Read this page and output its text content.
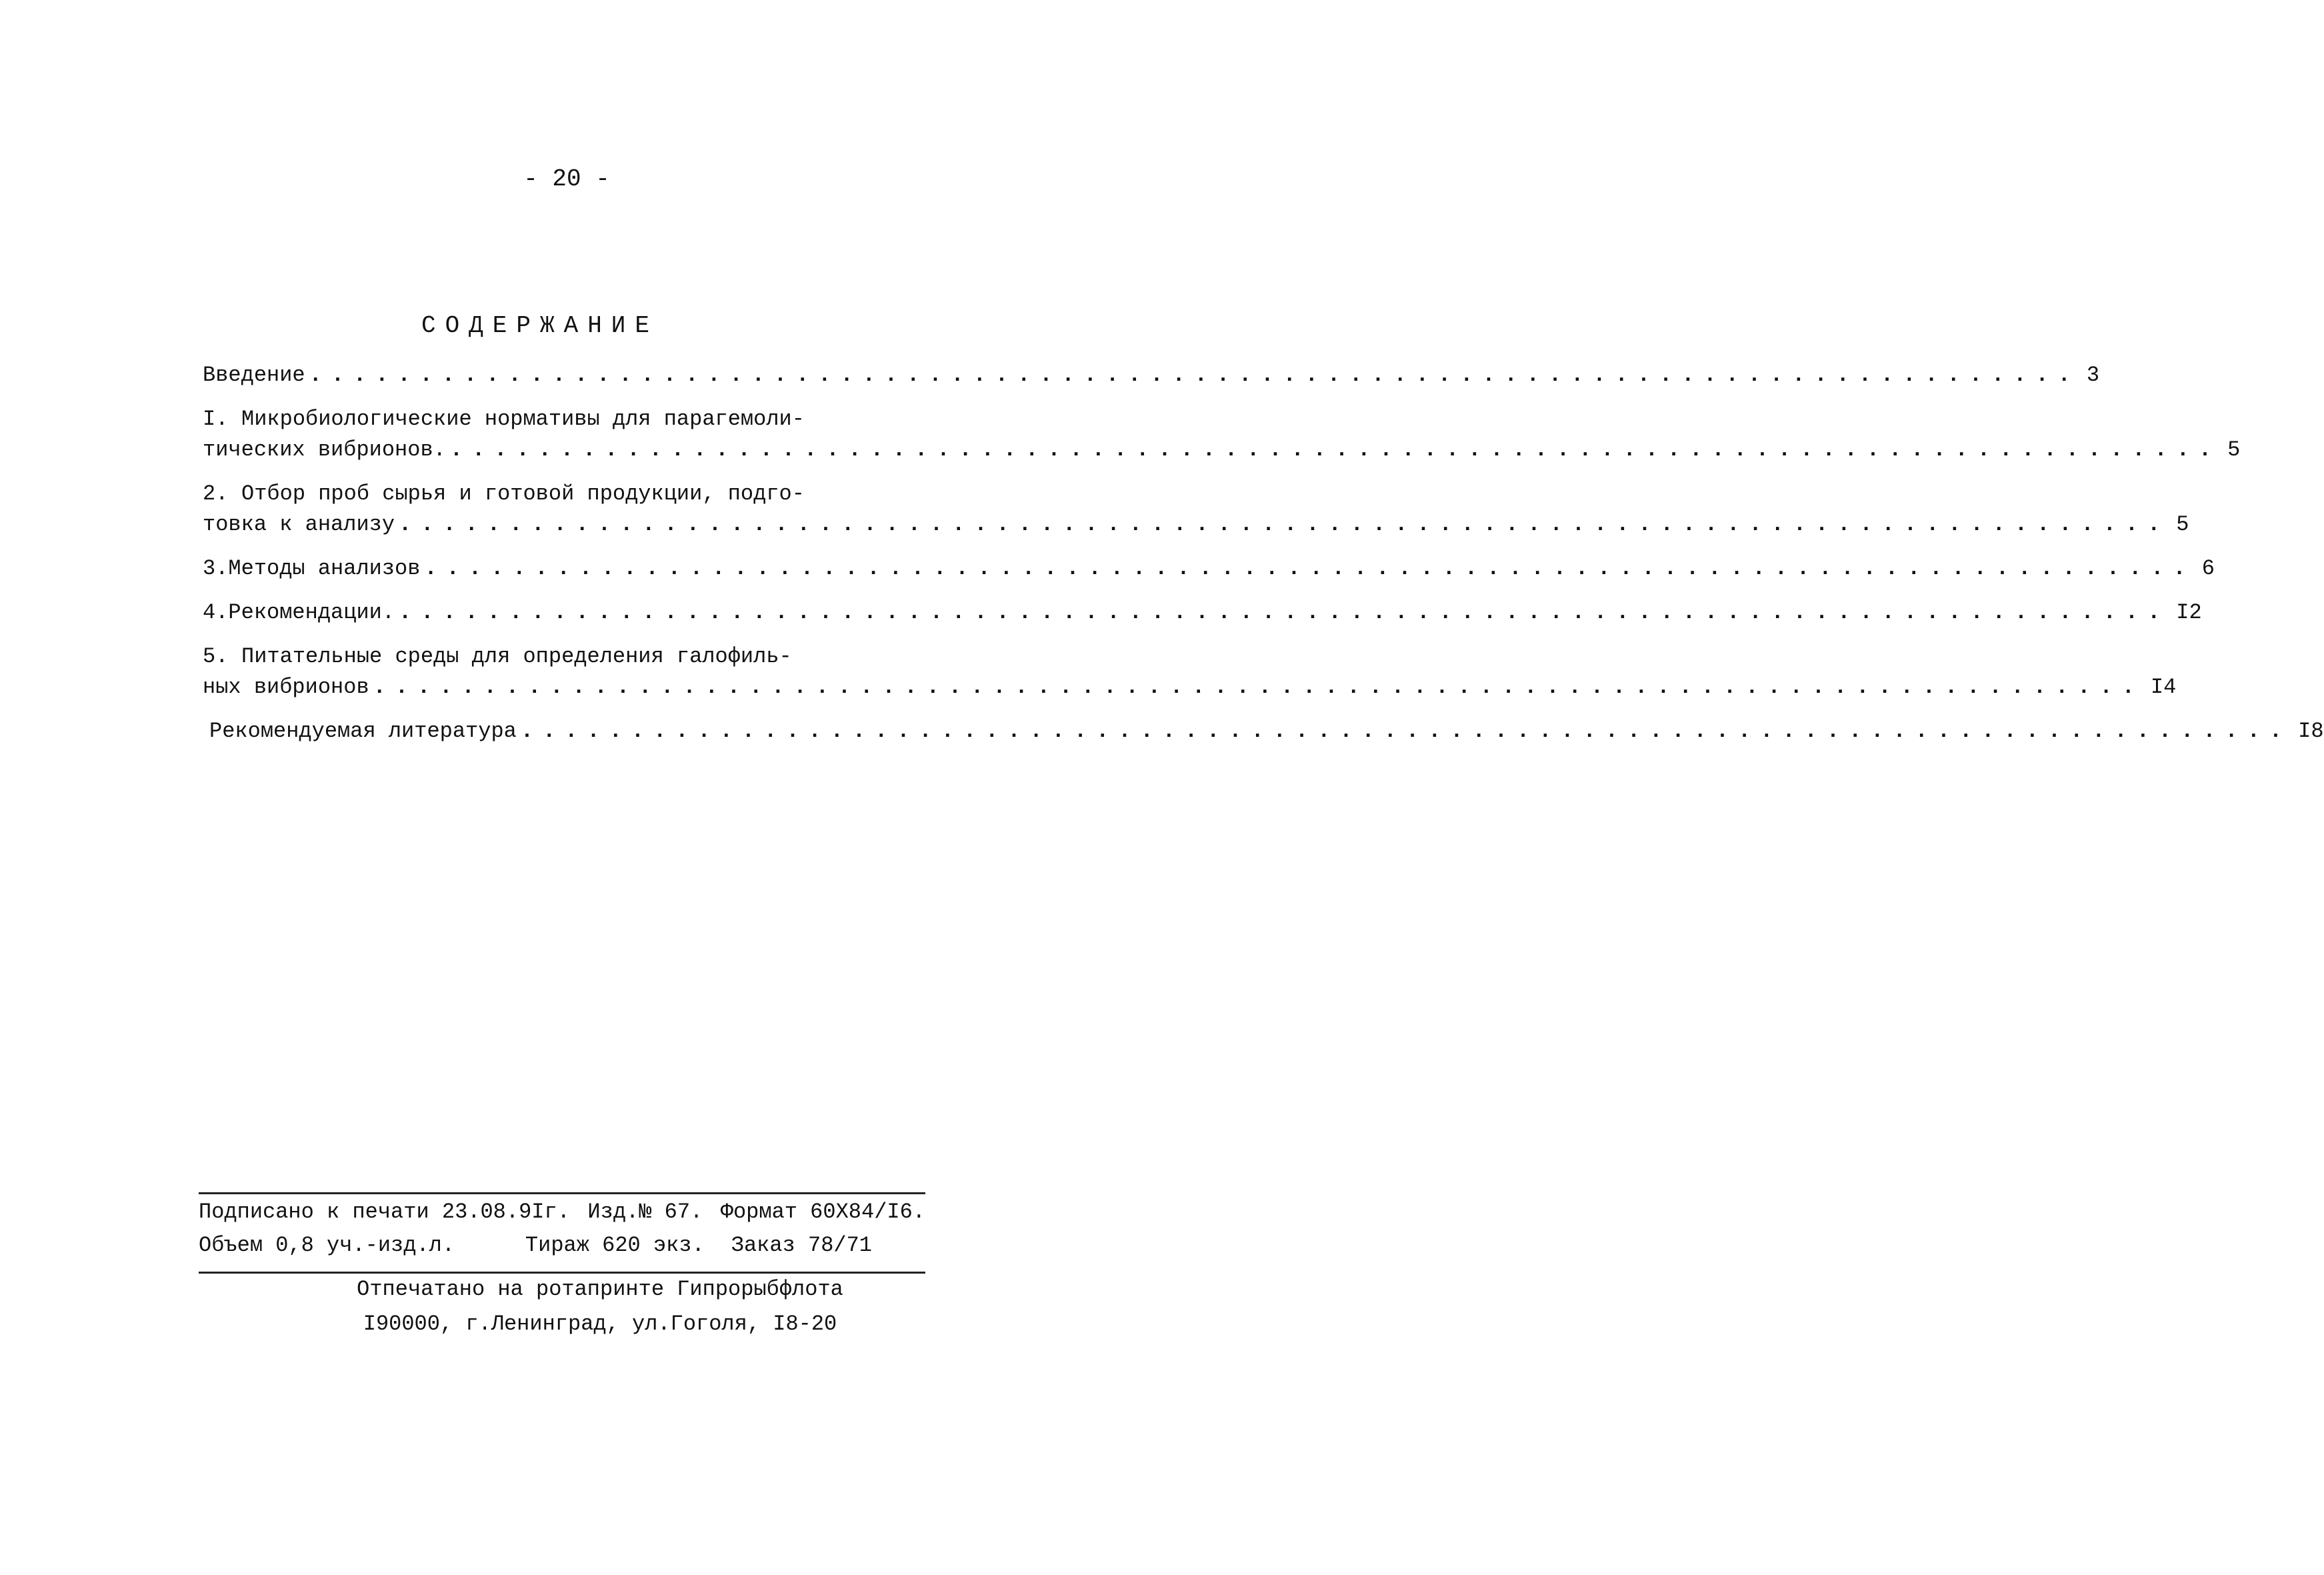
- 20 -
СОДЕРЖАНИЕ
Введение ................................................................................ 3
I. Микробиологические нормативы для парагемоли-
тических вибрионов. ................................................................................ 5
2. Отбор проб сырья и готовой продукции, подго-
товка к анализу ................................................................................ 5
3. Методы анализов ................................................................................ 6
4. Рекомендации. ................................................................................ I2
5. Питательные среды для определения галофиль-
ных вибрионов ................................................................................ I4
Рекомендуемая литература ................................................................................ I8
Подписано к печати 23.08.9Iг. Изд.№ 67. Формат 60X84/I6.
Объем 0,8 уч.-изд.л.	Тираж 620 экз. Заказ 78/71
Отпечатано на ротапринте Гипрорыбфлота
I90000, г.Ленинград, ул.Гоголя, I8-20
